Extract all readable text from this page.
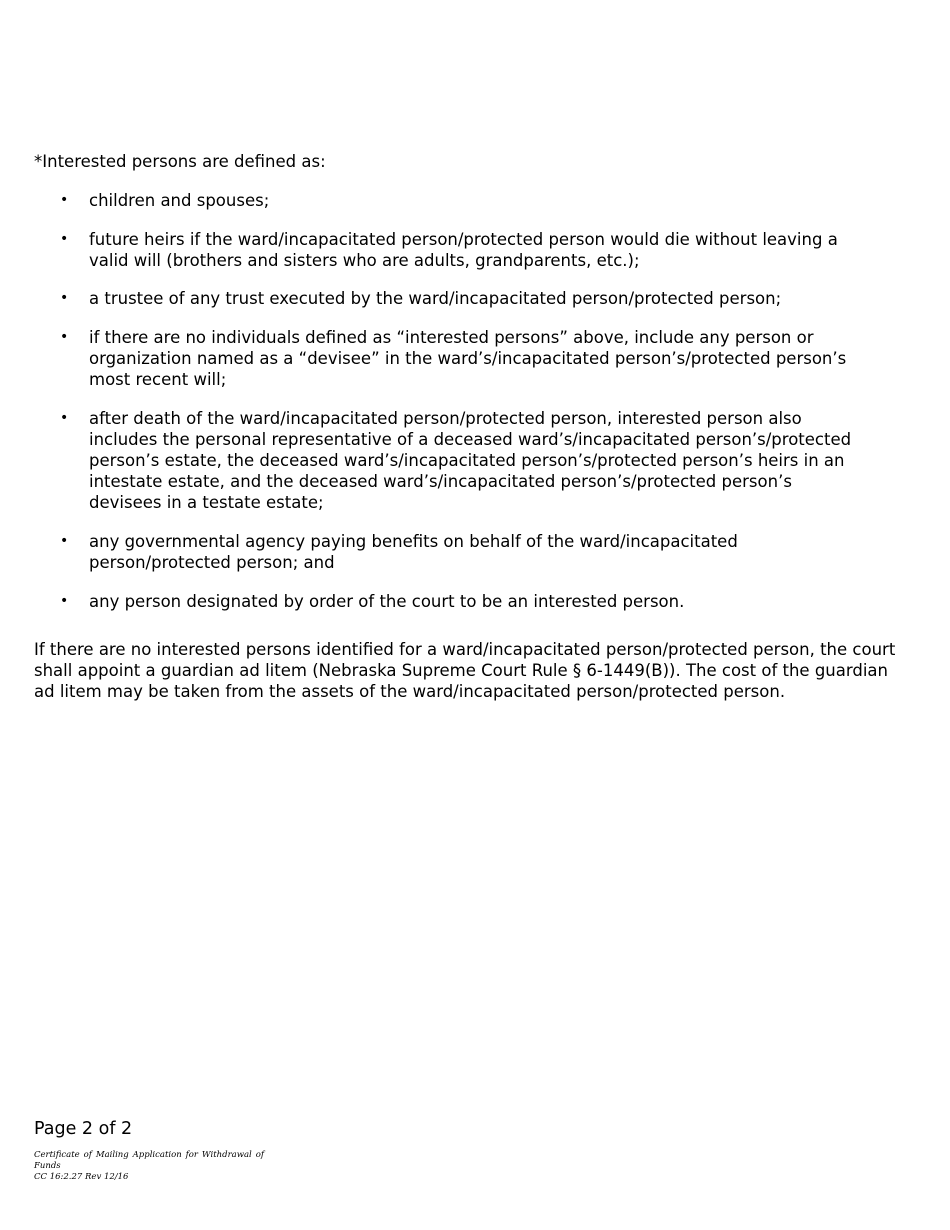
*Interested persons are defined as:

• children and spouses;
• future heirs if the ward/incapacitated person/protected person would die without leaving a valid will (brothers and sisters who are adults, grandparents, etc.);
• a trustee of any trust executed by the ward/incapacitated person/protected person;
• if there are no individuals defined as “interested persons” above, include any person or organization named as a “devisee” in the ward’s/incapacitated person’s/protected person’s most recent will;
• after death of the ward/incapacitated person/protected person, interested person also includes the personal representative of a deceased ward’s/incapacitated person’s/protected person’s estate, the deceased ward’s/incapacitated person’s/protected person’s heirs in an intestate estate, and the deceased ward’s/incapacitated person’s/protected person’s devisees in a testate estate;
• any governmental agency paying benefits on behalf of the ward/incapacitated person/protected person; and
• any person designated by order of the court to be an interested person.

If there are no interested persons identified for a ward/incapacitated person/protected person, the court shall appoint a guardian ad litem (Nebraska Supreme Court Rule § 6-1449(B)). The cost of the guardian ad litem may be taken from the assets of the ward/incapacitated person/protected person.

Page 2 of 2

Certificate of Mailing Application for Withdrawal of Funds

CC 16:2.27 Rev 12/16
